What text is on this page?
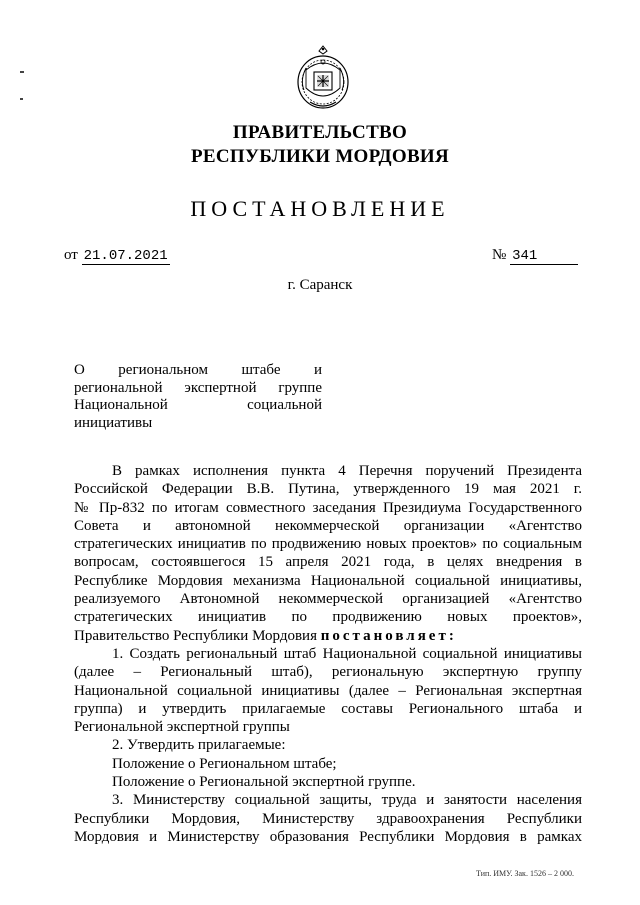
ПРАВИТЕЛЬСТВО
РЕСПУБЛИКИ МОРДОВИЯ
ПОСТАНОВЛЕНИЕ
от 21.07.2021	№ 341
г. Саранск
О региональном штабе и
региональной экспертной группе
Национальной социальной
инициативы

В рамках исполнения пункта 4 Перечня поручений Президента

Российской Федерации В.В. Путина, утвержденного 19 мая 2021 г.

№ Пр-832 по итогам совместного заседания Президиума Государственного

Совета и автономной некоммерческой организации «Агентство

стратегических инициатив по продвижению новых проектов» по социальным

вопросам, состоявшегося 15 апреля 2021 года, в целях внедрения в

Республике Мордовия механизма Национальной социальной инициативы,

реализуемого Автономной некоммерческой организацией «Агентство

стратегических инициатив по продвижению новых проектов»,

Правительство Республики Мордовия постановляет:

1. Создать региональный штаб Национальной социальной инициативы

(далее – Региональный штаб), региональную экспертную группу

Национальной социальной инициативы (далее – Региональная экспертная

группа) и утвердить прилагаемые составы Регионального штаба и

Региональной экспертной группы

2. Утвердить прилагаемые:

Положение о Региональном штабе;

Положение о Региональной экспертной группе.

3. Министерству социальной защиты, труда и занятости населения

Республики Мордовия, Министерству здравоохранения Республики

Мордовия и Министерству образования Республики Мордовия в рамках

Тип. ИМУ. Зак. 1526 – 2 000.
